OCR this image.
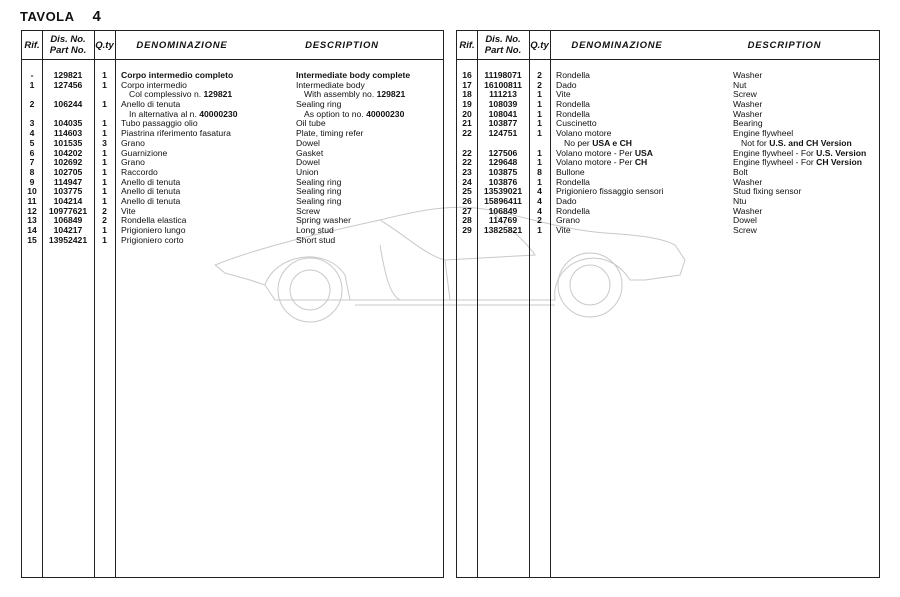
TAVOLA 4
Rif. Dis. No.
Part No. Q.ty	DENOMINAZIONE	DESCRIPTION
-	129821	1	Corpo intermedio completo	Intermediate body complete
1	127456	1	Corpo intermedio	Intermediate body
Col complessivo n. 129821	With assembly no. 129821
2	106244	1	Anello di tenuta	Sealing ring
In alternativa al n. 40000230	As option to no. 40000230
3	104035	1	Tubo passaggio olio	Oil tube
4	114603	1	Piastrina riferimento fasatura	Plate, timing refer
5	101535	3	Grano	Dowel
6	104202	1	Guarnizione	Gasket
7	102692	1	Grano	Dowel
8	102705	1	Raccordo	Union
9	114947	1	Anello di tenuta	Sealing ring
10	103775	1	Anello di tenuta	Sealing ring
11	104214	1	Anello di tenuta	Sealing ring
12	10977621	2	Vite	Screw
13	106849	2	Rondella elastica	Spring washer
14	104217	1	Prigioniero lungo	Long stud
15	13952421	1	Prigioniero corto	Short stud
Rif. Dis. No.
Part No. Q.ty	DENOMINAZIONE	DESCRIPTION
16	11198071	2	Rondella	Washer
17	16100811	2	Dado	Nut
18	111213	1	Vite	Screw
19	108039	1	Rondella	Washer
20	108041	1	Rondella	Washer
21	103877	1	Cuscinetto	Bearing
22	124751	1	Volano motore	Engine flywheel
No per USA e CH	Not for U.S. and CH Version
22	127506	1	Volano motore - Per USA	Engine flywheel - For U.S. Version
22	129648	1	Volano motore - Per CH	Engine flywheel - For CH Version
23	103875	8	Bullone	Bolt
24	103876	1	Rondella	Washer
25	13539021	4	Prigioniero fissaggio sensori	Stud fixing sensor
26	15896411	4	Dado	Ntu
27	106849	4	Rondella	Washer
28	114769	2	Grano	Dowel
29	13825821	1	Vite	Screw
